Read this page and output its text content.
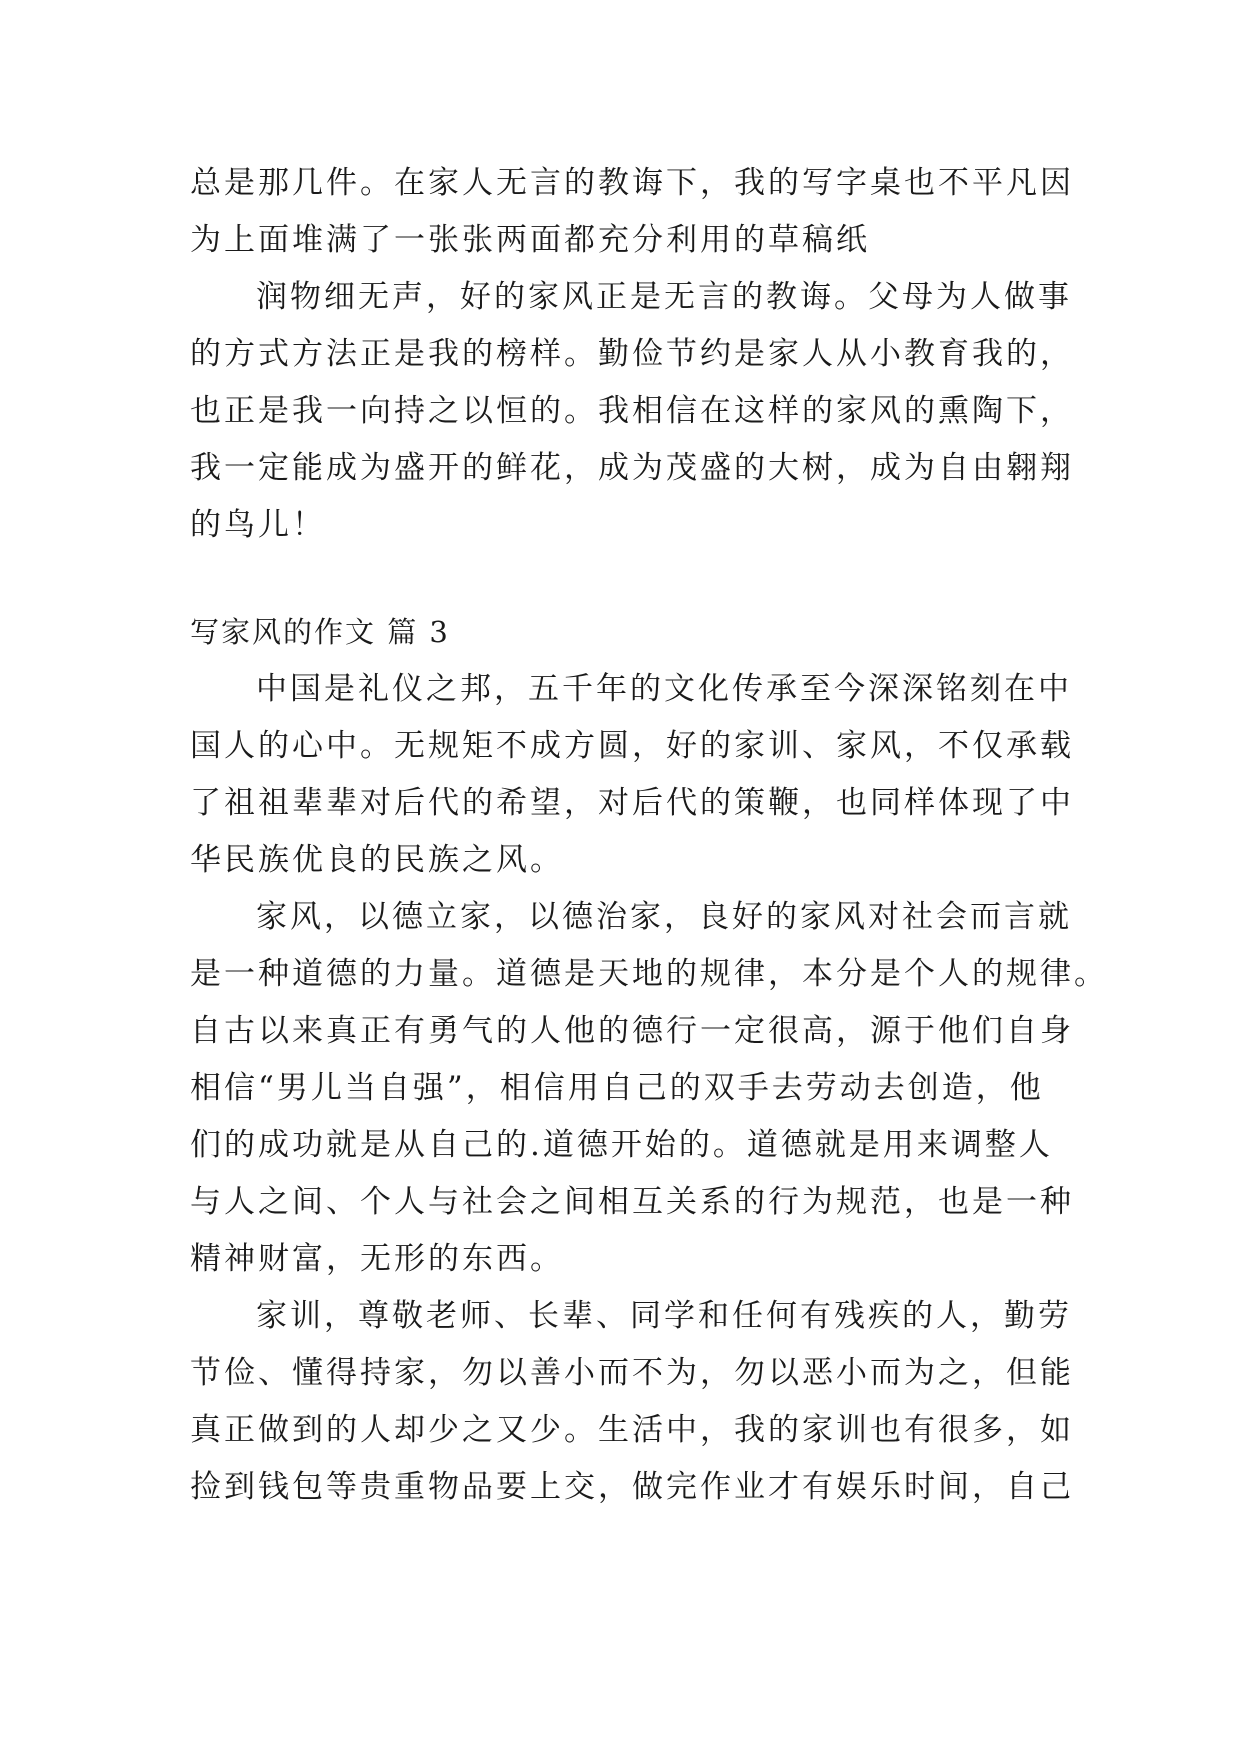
总是那几件。在家人无言的教诲下，我的写字桌也不平凡因
为上面堆满了一张张两面都充分利用的草稿纸
润物细无声，好的家风正是无言的教诲。父母为人做事
的方式方法正是我的榜样。勤俭节约是家人从小教育我的，
也正是我一向持之以恒的。我相信在这样的家风的熏陶下，
我一定能成为盛开的鲜花，成为茂盛的大树，成为自由翱翔
的鸟儿！
写家风的作文 篇 3
中国是礼仪之邦，五千年的文化传承至今深深铭刻在中
国人的心中。无规矩不成方圆，好的家训、家风，不仅承载
了祖祖辈辈对后代的希望，对后代的策鞭，也同样体现了中
华民族优良的民族之风。
家风，以德立家，以德治家，良好的家风对社会而言就
是一种道德的力量。道德是天地的规律，本分是个人的规律。
自古以来真正有勇气的人他的德行一定很高，源于他们自身
相信“男儿当自强”，相信用自己的双手去劳动去创造，他
们的成功就是从自己的.道德开始的。道德就是用来调整人
与人之间、个人与社会之间相互关系的行为规范，也是一种
精神财富，无形的东西。
家训，尊敬老师、长辈、同学和任何有残疾的人，勤劳
节俭、懂得持家，勿以善小而不为，勿以恶小而为之，但能
真正做到的人却少之又少。生活中，我的家训也有很多，如
捡到钱包等贵重物品要上交，做完作业才有娱乐时间，自己
